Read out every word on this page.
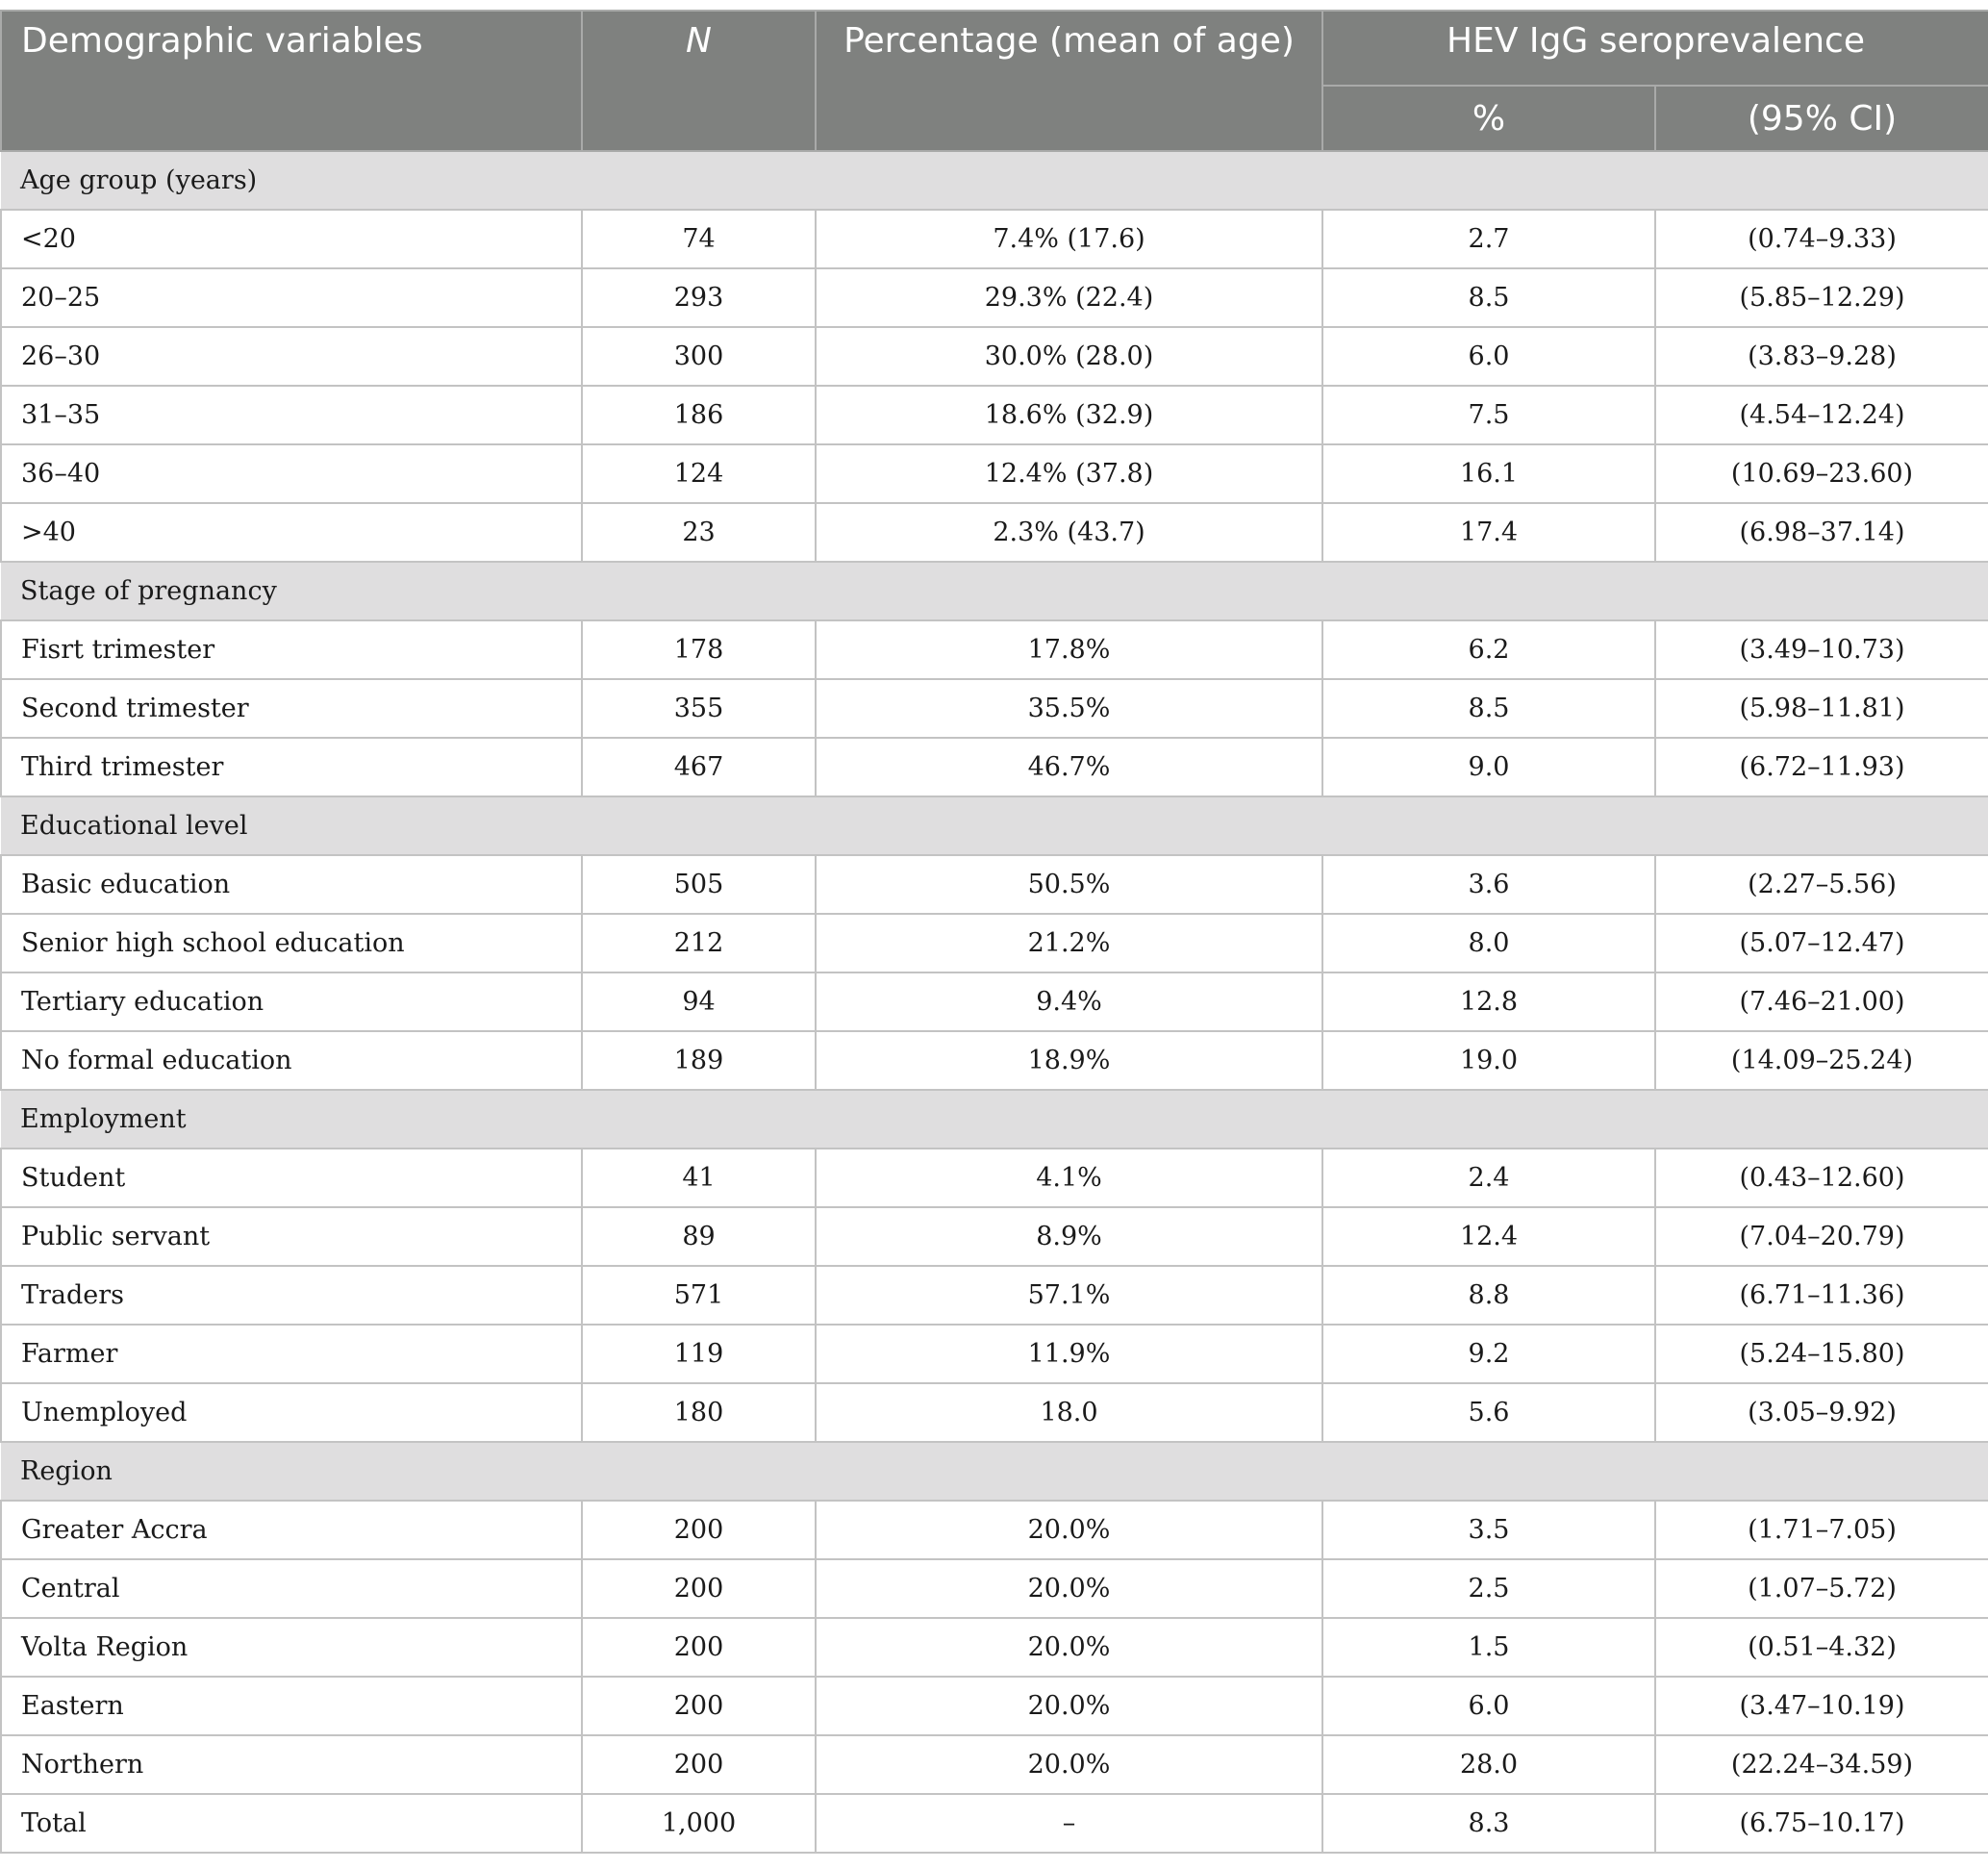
Demographic variables	N	Percentage (mean of age)	HEV IgG seroprevalence	
			%	(95% CI)
Age group (years)				
<20	74	7.4% (17.6)	2.7	(0.74–9.33)
20–25	293	29.3% (22.4)	8.5	(5.85–12.29)
26–30	300	30.0% (28.0)	6.0	(3.83–9.28)
31–35	186	18.6% (32.9)	7.5	(4.54–12.24)
36–40	124	12.4% (37.8)	16.1	(10.69–23.60)
>40	23	2.3% (43.7)	17.4	(6.98–37.14)
Stage of pregnancy				
Fisrt trimester	178	17.8%	6.2	(3.49–10.73)
Second trimester	355	35.5%	8.5	(5.98–11.81)
Third trimester	467	46.7%	9.0	(6.72–11.93)
Educational level				
Basic education	505	50.5%	3.6	(2.27–5.56)
Senior high school education	212	21.2%	8.0	(5.07–12.47)
Tertiary education	94	9.4%	12.8	(7.46–21.00)
No formal education	189	18.9%	19.0	(14.09–25.24)
Employment				
Student	41	4.1%	2.4	(0.43–12.60)
Public servant	89	8.9%	12.4	(7.04–20.79)
Traders	571	57.1%	8.8	(6.71–11.36)
Farmer	119	11.9%	9.2	(5.24–15.80)
Unemployed	180	18.0	5.6	(3.05–9.92)
Region				
Greater Accra	200	20.0%	3.5	(1.71–7.05)
Central	200	20.0%	2.5	(1.07–5.72)
Volta Region	200	20.0%	1.5	(0.51–4.32)
Eastern	200	20.0%	6.0	(3.47–10.19)
Northern	200	20.0%	28.0	(22.24–34.59)
Total	1,000	–	8.3	(6.75–10.17)
